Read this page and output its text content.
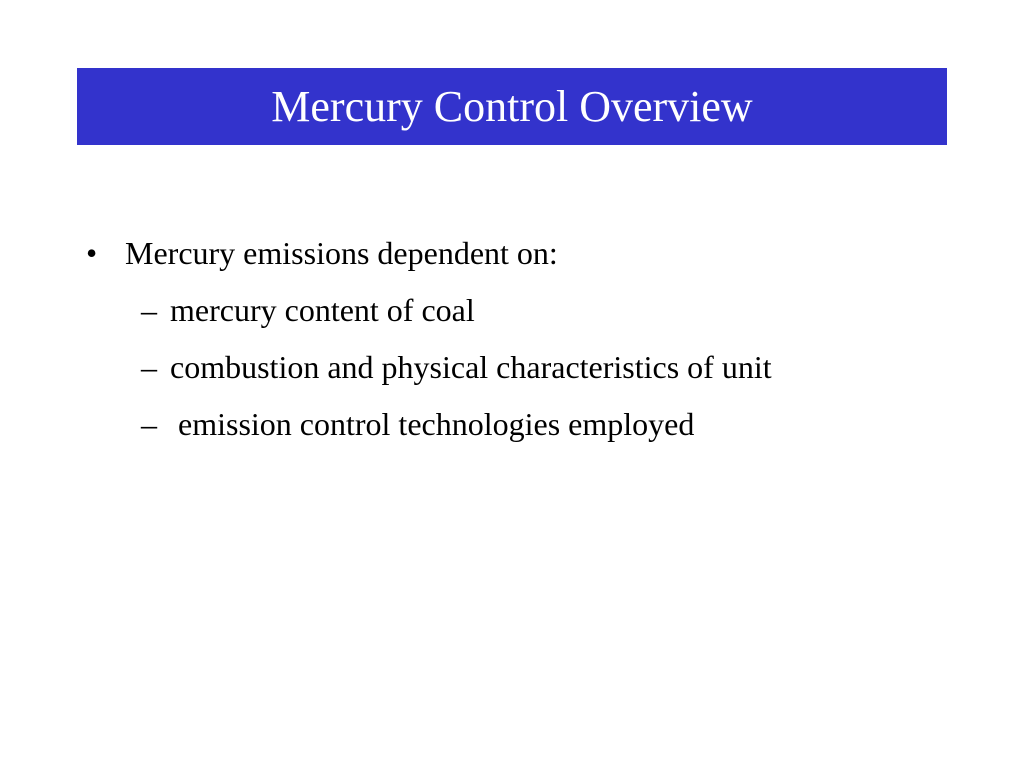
Mercury Control Overview
• Mercury emissions dependent on:
– mercury content of coal
– combustion and physical characteristics of unit
– emission control technologies employed
